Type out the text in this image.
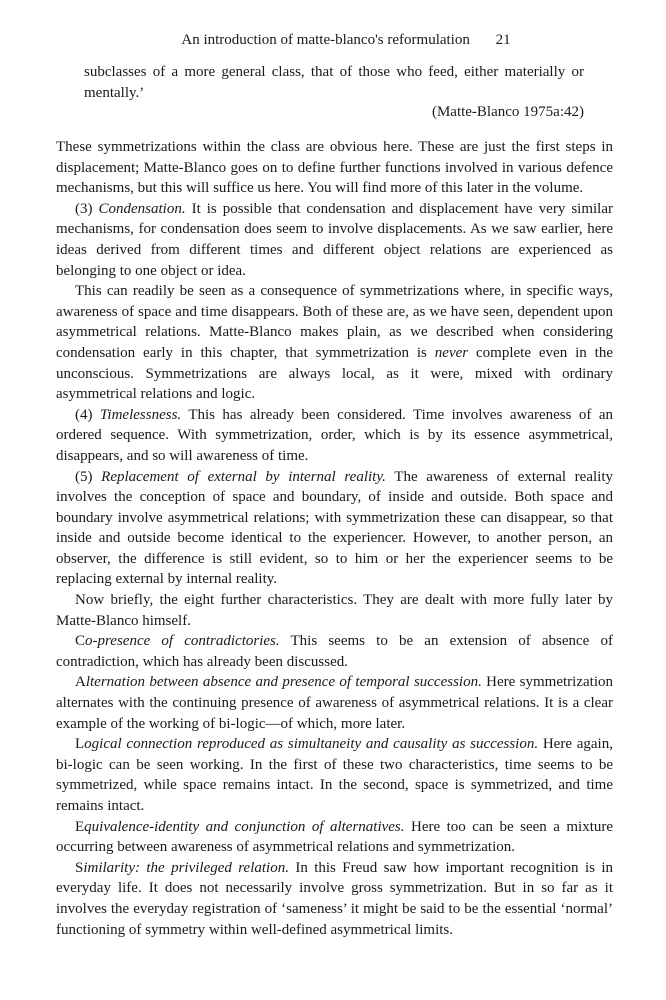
An introduction of matte-blanco's reformulation 21

subclasses of a more general class, that of those who feed, either materially or mentally.’

(Matte-Blanco 1975a:42)

These symmetrizations within the class are obvious here. These are just the first steps in displacement; Matte-Blanco goes on to define further functions involved in various defence mechanisms, but this will suffice us here. You will find more of this later in the volume.

(3) Condensation. It is possible that condensation and displacement have very similar mechanisms, for condensation does seem to involve displacements. As we saw earlier, here ideas derived from different times and different object relations are experienced as belonging to one object or idea.

This can readily be seen as a consequence of symmetrizations where, in specific ways, awareness of space and time disappears. Both of these are, as we have seen, dependent upon asymmetrical relations. Matte-Blanco makes plain, as we described when considering condensation early in this chapter, that symmetrization is never complete even in the unconscious. Symmetrizations are always local, as it were, mixed with ordinary asymmetrical relations and logic.

(4) Timelessness. This has already been considered. Time involves awareness of an ordered sequence. With symmetrization, order, which is by its essence asymmetrical, disappears, and so will awareness of time.

(5) Replacement of external by internal reality. The awareness of external reality involves the conception of space and boundary, of inside and outside. Both space and boundary involve asymmetrical relations; with symmetrization these can disappear, so that inside and outside become identical to the experiencer. However, to another person, an observer, the difference is still evident, so to him or her the experiencer seems to be replacing external by internal reality.

Now briefly, the eight further characteristics. They are dealt with more fully later by Matte-Blanco himself.

Co-presence of contradictories. This seems to be an extension of absence of contradiction, which has already been discussed.

Alternation between absence and presence of temporal succession. Here symmetrization alternates with the continuing presence of awareness of asymmetrical relations. It is a clear example of the working of bi-logic—of which, more later.

Logical connection reproduced as simultaneity and causality as succession. Here again, bi-logic can be seen working. In the first of these two characteristics, time seems to be symmetrized, while space remains intact. In the second, space is symmetrized, and time remains intact.

Equivalence-identity and conjunction of alternatives. Here too can be seen a mixture occurring between awareness of asymmetrical relations and symmetrization.

Similarity: the privileged relation. In this Freud saw how important recognition is in everyday life. It does not necessarily involve gross symmetrization. But in so far as it involves the everyday registration of ‘sameness’ it might be said to be the essential ‘normal’ functioning of symmetry within well-defined asymmetrical limits.
